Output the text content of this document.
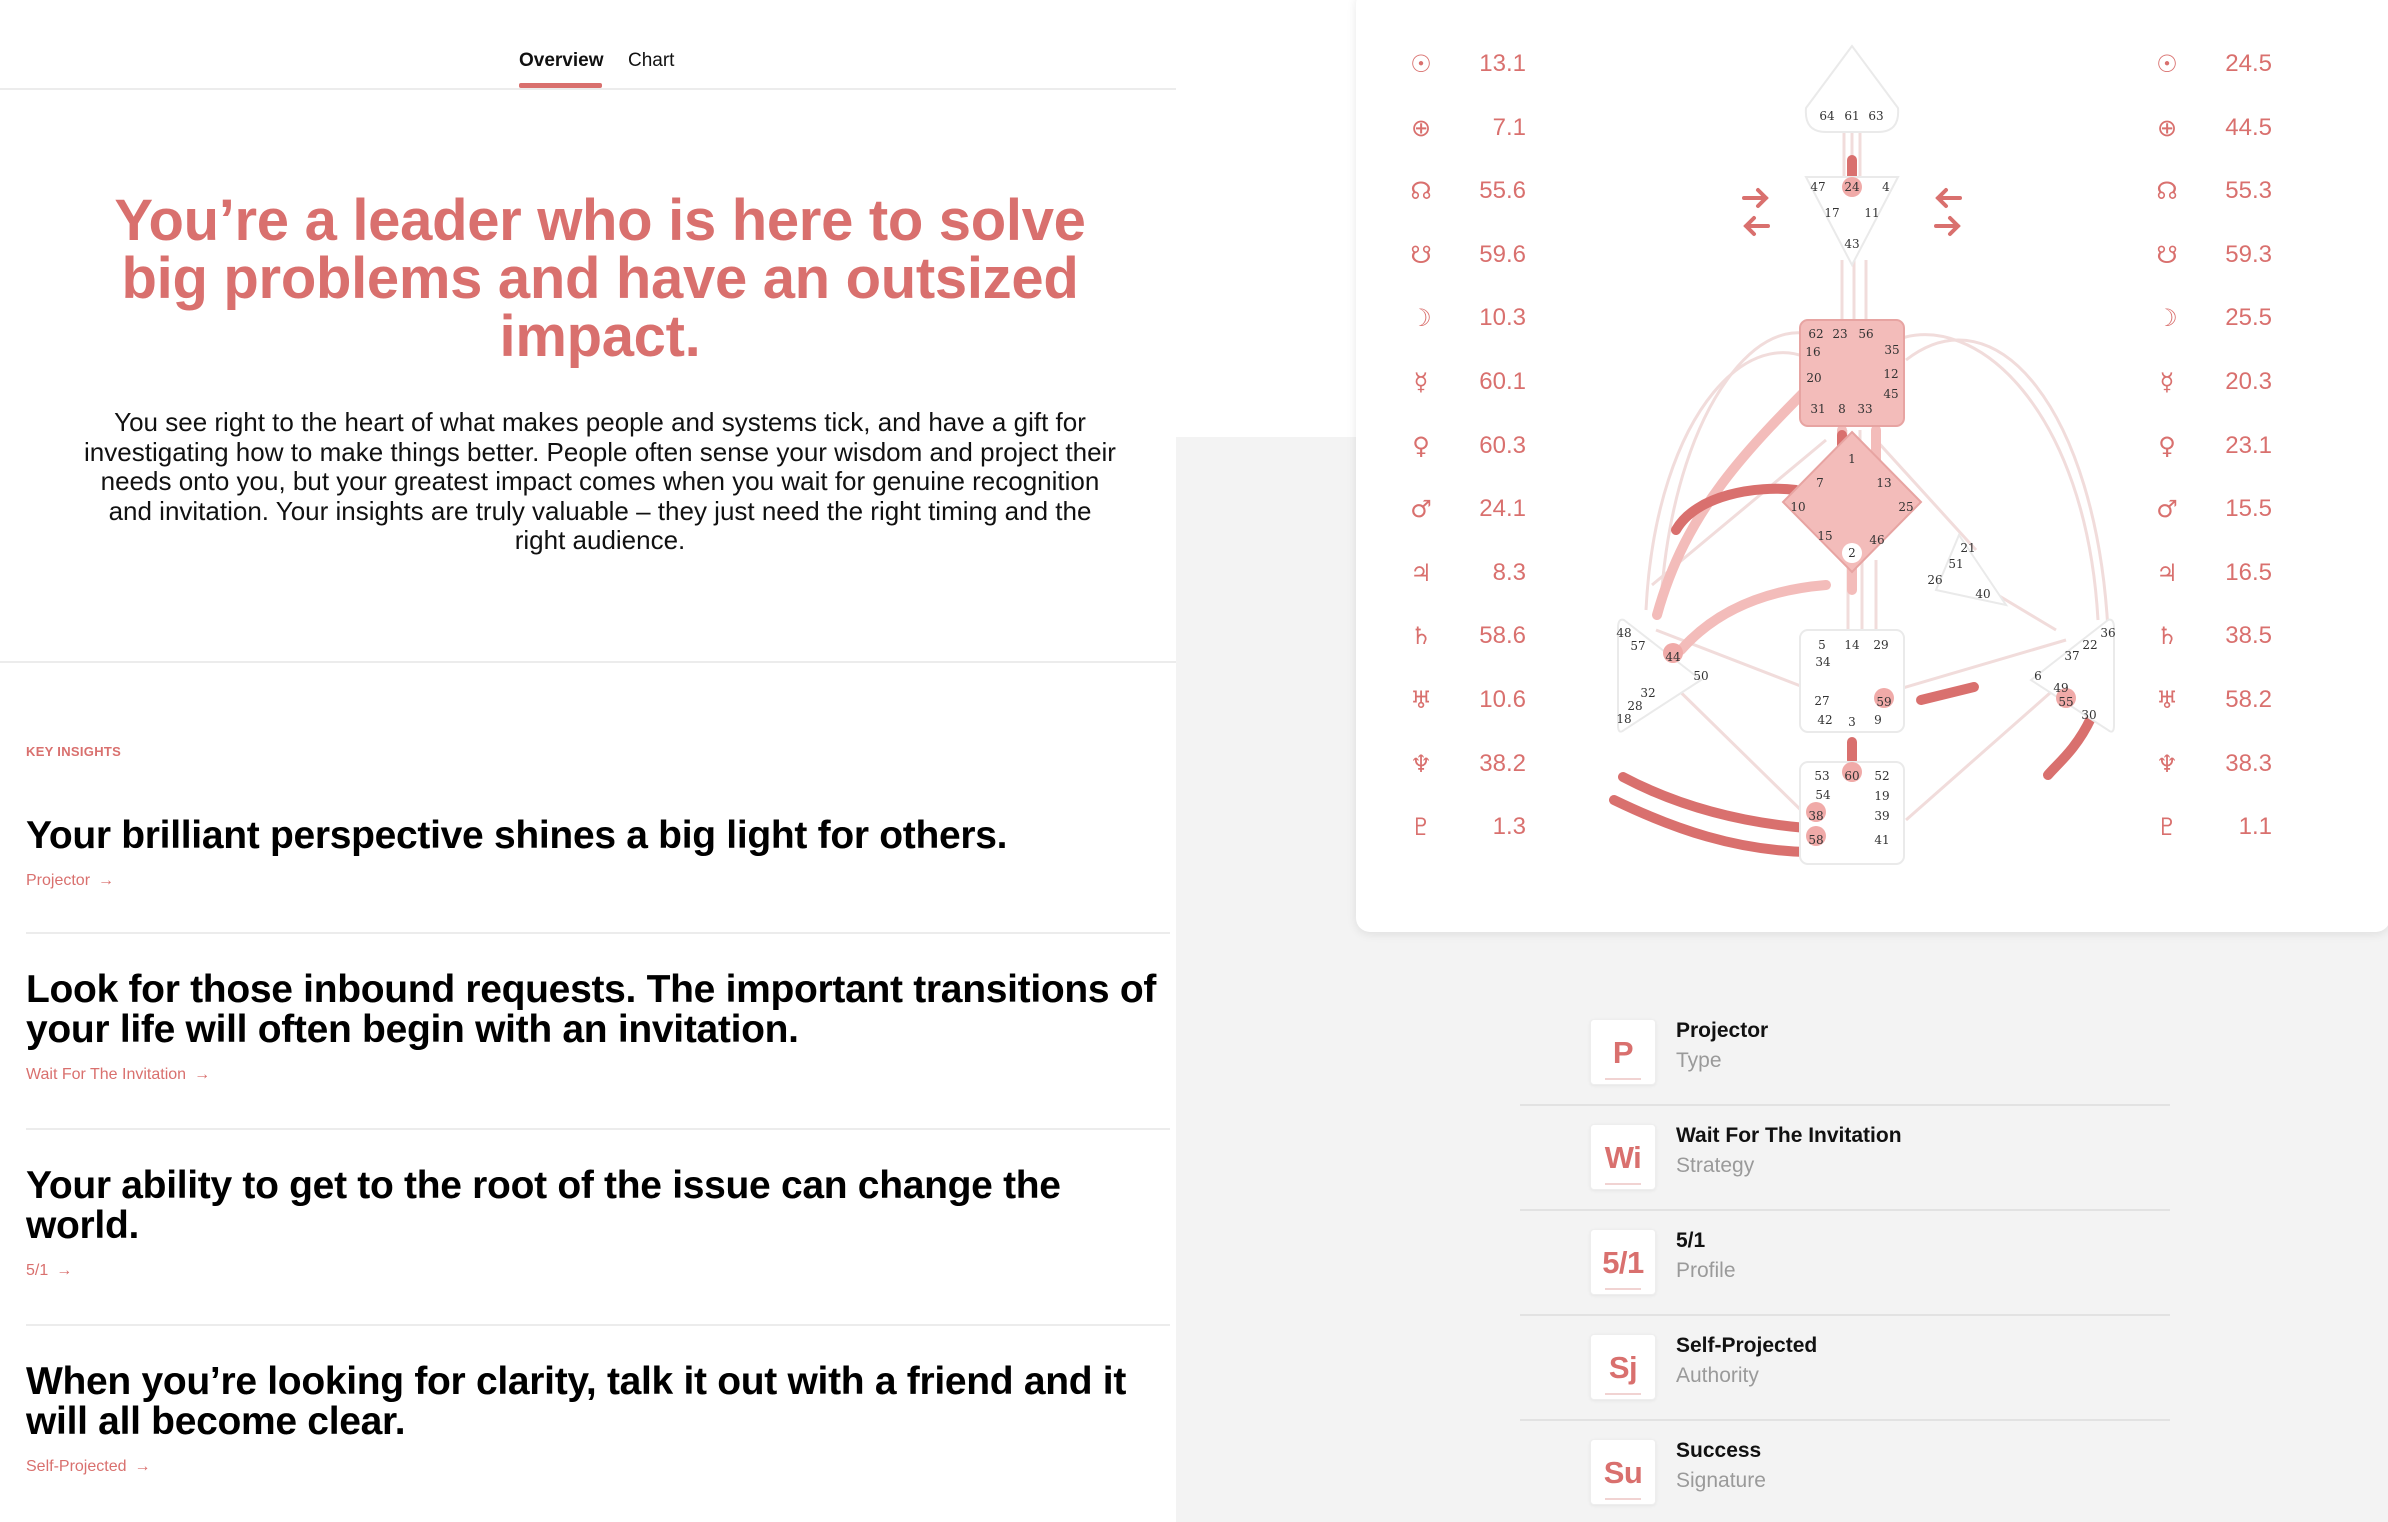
Overview Chart
You’re a leader who is here to solve big problems and have an outsized impact.

You see right to the heart of what makes people and systems tick, and have a gift for investigating how to make things better. People often sense your wisdom and project their needs onto you, but your greatest impact comes when you wait for genuine recognition and invitation. Your insights are truly valuable – they just need the right timing and the right audience.

KEY INSIGHTS
Your brilliant perspective shines a big light for others.
Projector →
Look for those inbound requests. The important transitions of your life will often begin with an invitation.
Wait For The Invitation →
Your ability to get to the root of the issue can change the world.
5/1 →
When you’re looking for clarity, talk it out with a friend and it will all become clear.
Self-Projected →
☉	13.1
⊕	7.1
☊	55.6
☋	59.6
☽	10.3
☿	60.1
♀	60.3
♂	24.1
♃	8.3
♄	58.6
♅	10.6
♆	38.2
♇	1.3
☉	24.5
⊕	44.5
☊	55.3
☋	59.3
☽	25.5
☿	20.3
♀	23.1
♂	15.5
♃	16.5
♄	38.5
♅	58.2
♆	38.3
♇	1.1
64 61 63
47 24 4
17 11
43
62 23 56
16	35
20	12
45
31 8 33
1
7	13
10	25
15	46
2	21
51
26
40
48
57
44
50
32
28
18
36
22
37
6
49
55
30
5 14 29
34
27	59
42 3 9
53 60 52
54	19
38	39
58	41
P
Projector
Type
Wi
Wait For The Invitation
Strategy
5/1
5/1
Profile
Sj
Self-Projected
Authority
Su
Success
Signature
